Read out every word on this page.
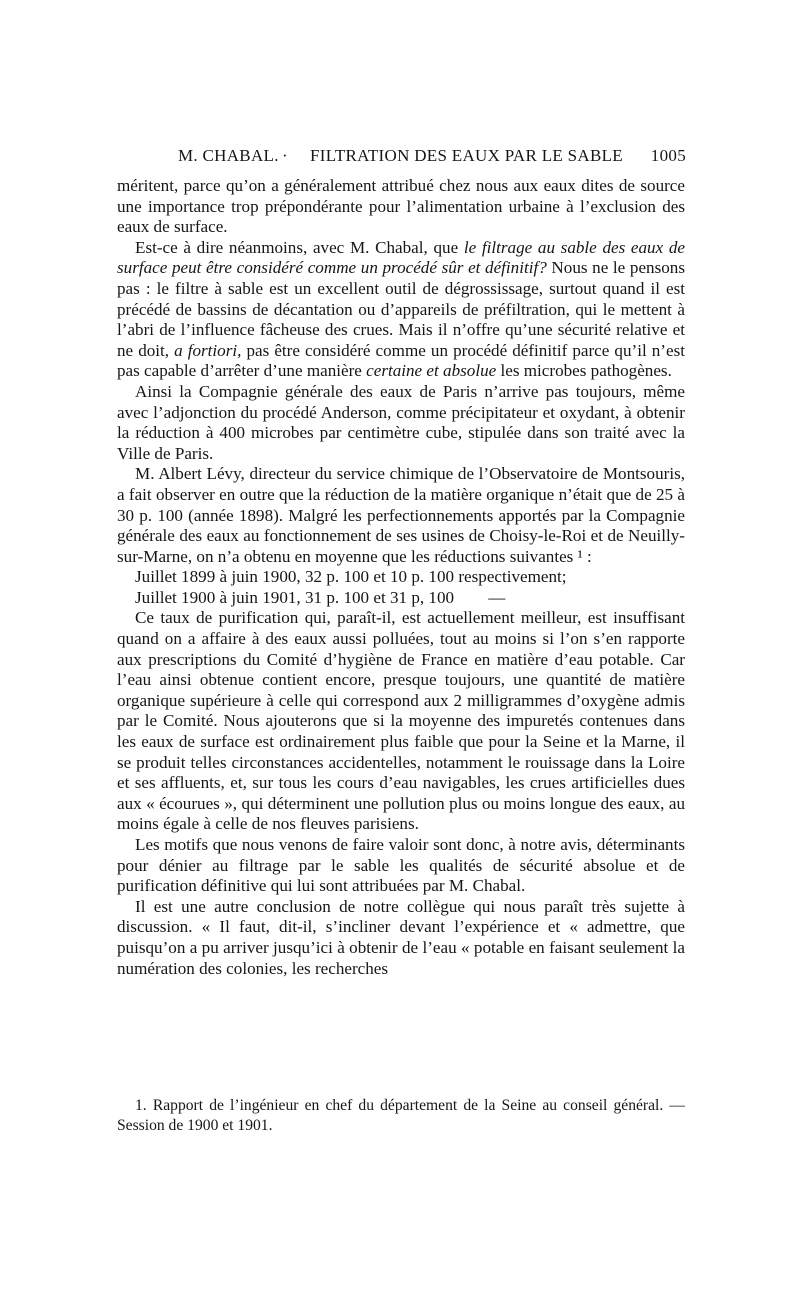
M. CHABAL. · FILTRATION DES EAUX PAR LE SABLE 1005

méritent, parce qu’on a généralement attribué chez nous aux eaux dites de source une importance trop prépondérante pour l’alimentation urbaine à l’exclusion des eaux de surface.

Est-ce à dire néanmoins, avec M. Chabal, que le filtrage au sable des eaux de surface peut être considéré comme un procédé sûr et définitif? Nous ne le pensons pas : le filtre à sable est un excellent outil de dégrossissage, surtout quand il est précédé de bassins de décantation ou d’appareils de préfiltration, qui le mettent à l’abri de l’influence fâcheuse des crues. Mais il n’offre qu’une sécurité relative et ne doit, a fortiori, pas être considéré comme un procédé définitif parce qu’il n’est pas capable d’arrêter d’une manière certaine et absolue les microbes pathogènes.

Ainsi la Compagnie générale des eaux de Paris n’arrive pas toujours, même avec l’adjonction du procédé Anderson, comme précipitateur et oxydant, à obtenir la réduction à 400 microbes par centimètre cube, stipulée dans son traité avec la Ville de Paris.

M. Albert Lévy, directeur du service chimique de l’Observatoire de Montsouris, a fait observer en outre que la réduction de la matière organique n’était que de 25 à 30 p. 100 (année 1898). Malgré les perfectionnements apportés par la Compagnie générale des eaux au fonctionnement de ses usines de Choisy-le-Roi et de Neuilly-sur-Marne, on n’a obtenu en moyenne que les réductions suivantes ¹ :

Juillet 1899 à juin 1900, 32 p. 100 et 10 p. 100 respectivement;

Juillet 1900 à juin 1901, 31 p. 100 et 31 p, 100        —

Ce taux de purification qui, paraît-il, est actuellement meilleur, est insuffisant quand on a affaire à des eaux aussi polluées, tout au moins si l’on s’en rapporte aux prescriptions du Comité d’hygiène de France en matière d’eau potable. Car l’eau ainsi obtenue contient encore, presque toujours, une quantité de matière organique supérieure à celle qui correspond aux 2 milligrammes d’oxygène admis par le Comité. Nous ajouterons que si la moyenne des impuretés contenues dans les eaux de surface est ordinairement plus faible que pour la Seine et la Marne, il se produit telles circonstances accidentelles, notamment le rouissage dans la Loire et ses affluents, et, sur tous les cours d’eau navigables, les crues artificielles dues aux « écourues », qui déterminent une pollution plus ou moins longue des eaux, au moins égale à celle de nos fleuves parisiens.

Les motifs que nous venons de faire valoir sont donc, à notre avis, déterminants pour dénier au filtrage par le sable les qualités de sécurité absolue et de purification définitive qui lui sont attribuées par M. Chabal.

Il est une autre conclusion de notre collègue qui nous paraît très sujette à discussion. « Il faut, dit-il, s’incliner devant l’expérience et « admettre, que puisqu’on a pu arriver jusqu’ici à obtenir de l’eau « potable en faisant seulement la numération des colonies, les recherches

1. Rapport de l’ingénieur en chef du département de la Seine au conseil général. — Session de 1900 et 1901.
